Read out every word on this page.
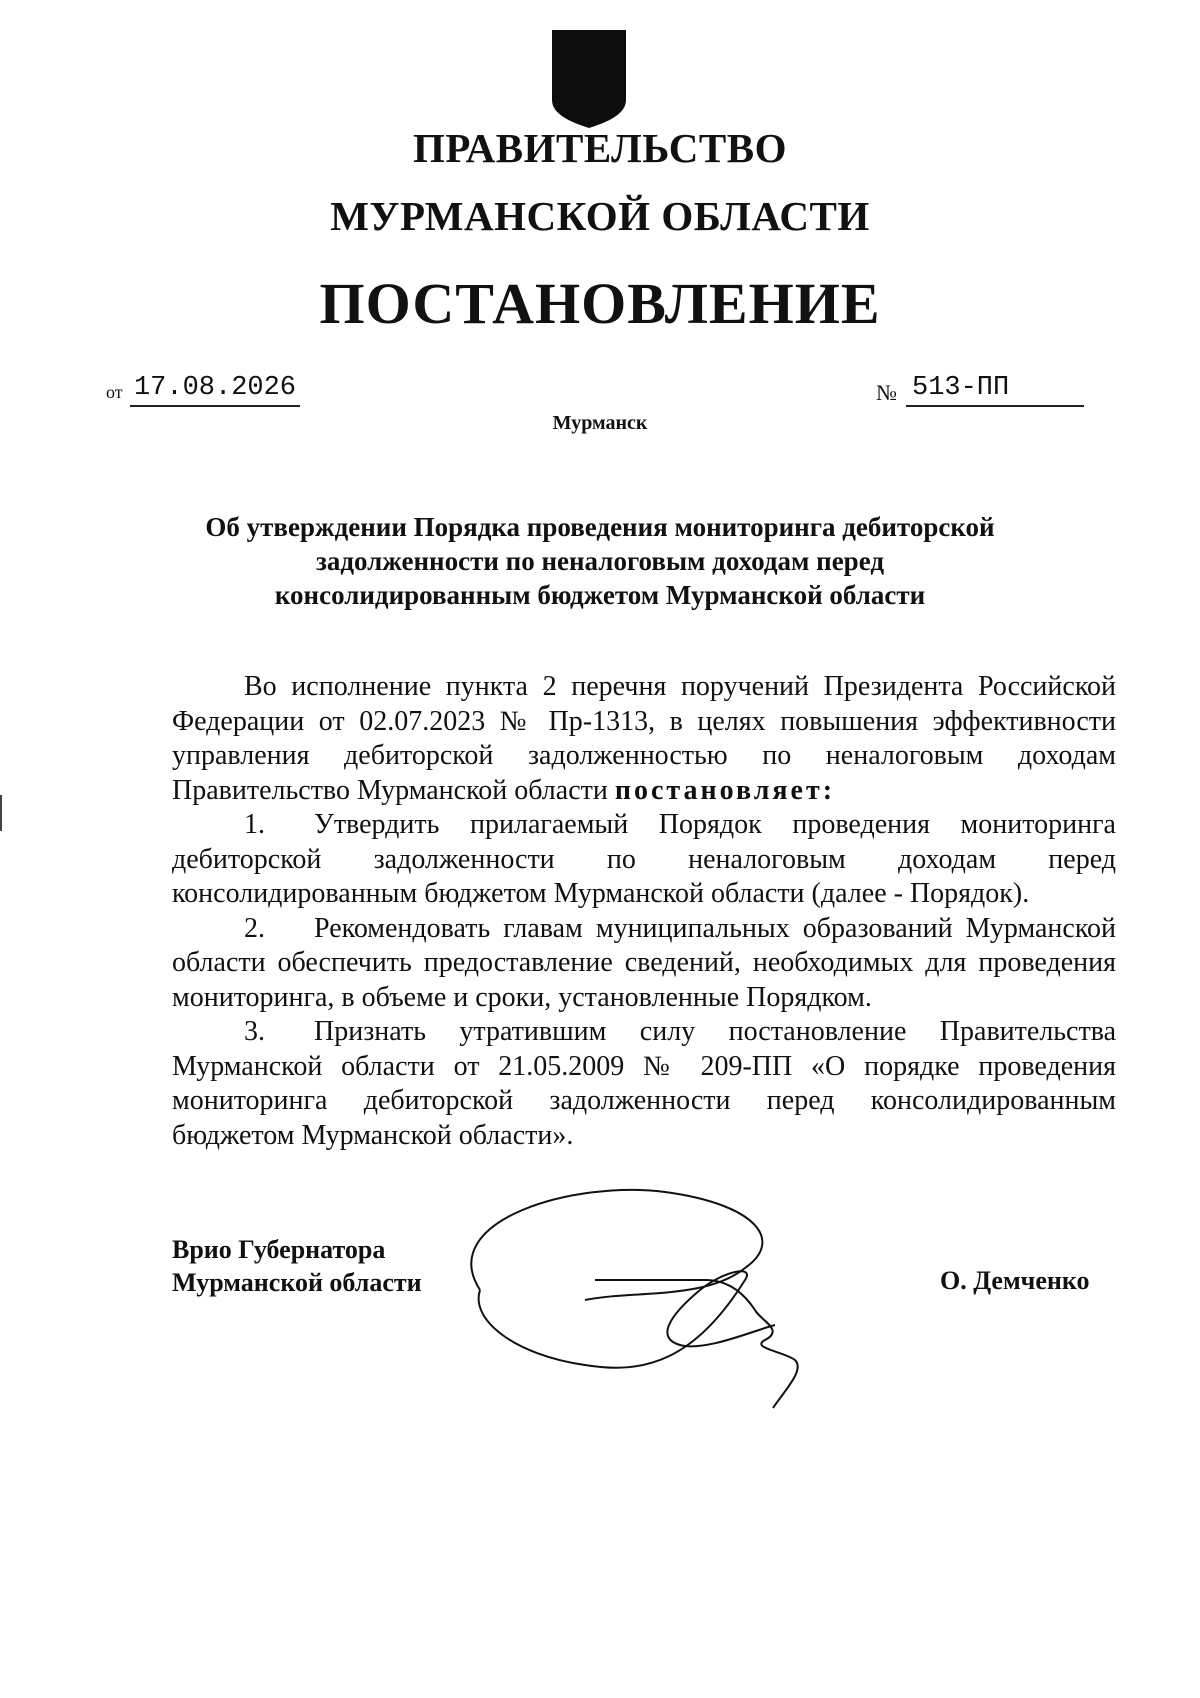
ПРАВИТЕЛЬСТВО
МУРМАНСКОЙ ОБЛАСТИ
ПОСТАНОВЛЕНИЕ
от 17.08.2026	№ 513-ПП
Мурманск
Об утверждении Порядка проведения мониторинга дебиторской задолженности по неналоговым доходам перед консолидированным бюджетом Мурманской области

Во исполнение пункта 2 перечня поручений Президента Российской Федерации от 02.07.2023 № Пр-1313, в целях повышения эффективности управления дебиторской задолженностью по неналоговым доходам Правительство Мурманской области постановляет:

1. Утвердить прилагаемый Порядок проведения мониторинга дебиторской задолженности по неналоговым доходам перед консолидированным бюджетом Мурманской области (далее - Порядок).

2. Рекомендовать главам муниципальных образований Мурманской области обеспечить предоставление сведений, необходимых для проведения мониторинга, в объеме и сроки, установленные Порядком.

3. Признать утратившим силу постановление Правительства Мурманской области от 21.05.2009 № 209-ПП «О порядке проведения мониторинга дебиторской задолженности перед консолидированным бюджетом Мурманской области».

Врио Губернатора
Мурманской области	О. Демченко
